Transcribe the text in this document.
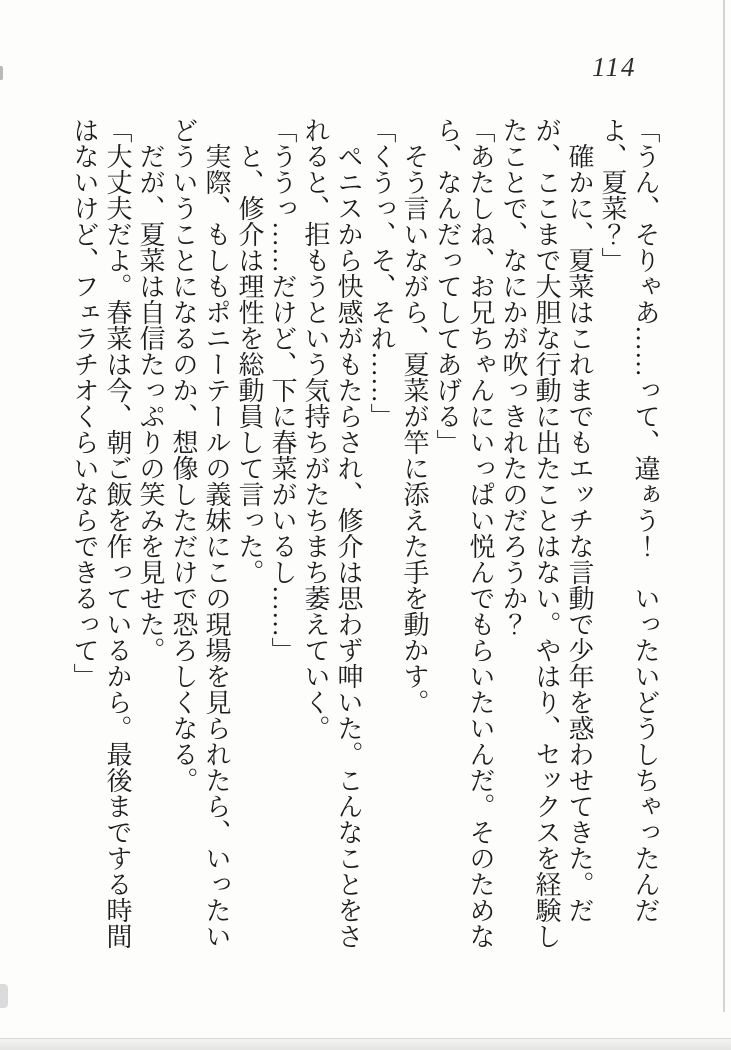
114

「うん、そりゃあ……って、違ぁう！　いったいどうしちゃったんだよ、夏菜？」

確かに、夏菜はこれまでもエッチな言動で少年を惑わせてきた。だが、ここまで大胆な行動に出たことはない。やはり、セックスを経験したことで、なにかが吹っきれたのだろうか？

「あたしね、お兄ちゃんにいっぱい悦んでもらいたいんだ。そのためなら、なんだってしてあげる」

そう言いながら、夏菜が竿に添えた手を動かす。

「くうっ、そ、それ……」

ペニスから快感がもたらされ、修介は思わず呻いた。こんなことをされると、拒もうという気持ちがたちまち萎えていく。

「ううっ……だけど、下に春菜がいるし……」

と、修介は理性を総動員して言った。

実際、もしもポニーテールの義妹にこの現場を見られたら、いったいどういうことになるのか、想像しただけで恐ろしくなる。

だが、夏菜は自信たっぷりの笑みを見せた。

「大丈夫だよ。春菜は今、朝ご飯を作っているから。最後までする時間はないけど、フェラチオくらいならできるって」
